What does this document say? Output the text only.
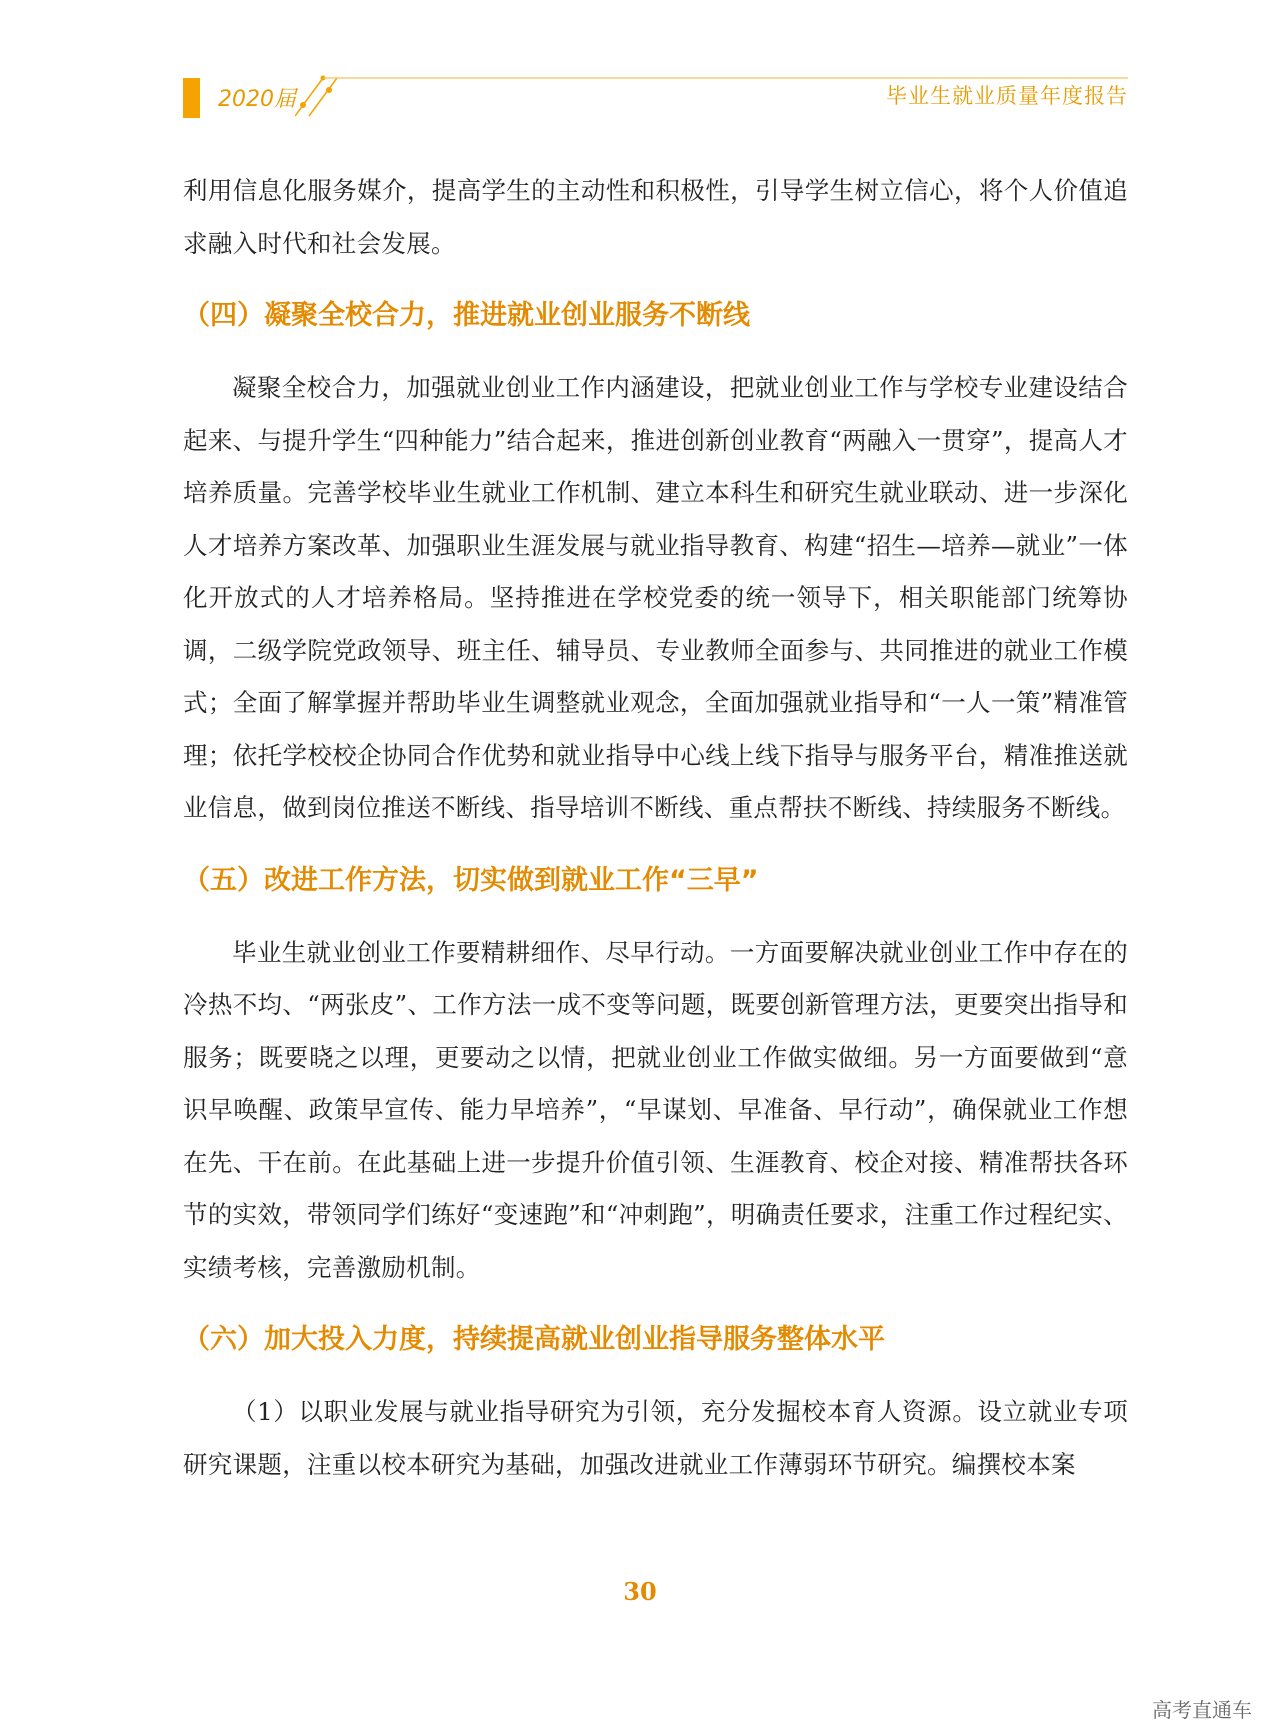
2020届	毕业生就业质量年度报告

利用信息化服务媒介，提高学生的主动性和积极性，引导学生树立信心，将个人价值追求融入时代和社会发展。

（四）凝聚全校合力，推进就业创业服务不断线

凝聚全校合力，加强就业创业工作内涵建设，把就业创业工作与学校专业建设结合起来、与提升学生“四种能力”结合起来，推进创新创业教育“两融入一贯穿”，提高人才培养质量。完善学校毕业生就业工作机制、建立本科生和研究生就业联动、进一步深化人才培养方案改革、加强职业生涯发展与就业指导教育、构建“招生—培养—就业”一体化开放式的人才培养格局。坚持推进在学校党委的统一领导下，相关职能部门统筹协调，二级学院党政领导、班主任、辅导员、专业教师全面参与、共同推进的就业工作模式；全面了解掌握并帮助毕业生调整就业观念，全面加强就业指导和“一人一策”精准管理；依托学校校企协同合作优势和就业指导中心线上线下指导与服务平台，精准推送就业信息，做到岗位推送不断线、指导培训不断线、重点帮扶不断线、持续服务不断线。

（五）改进工作方法，切实做到就业工作“三早”

毕业生就业创业工作要精耕细作、尽早行动。一方面要解决就业创业工作中存在的冷热不均、“两张皮”、工作方法一成不变等问题，既要创新管理方法，更要突出指导和服务；既要晓之以理，更要动之以情，把就业创业工作做实做细。另一方面要做到“意识早唤醒、政策早宣传、能力早培养”，“早谋划、早准备、早行动”，确保就业工作想在先、干在前。在此基础上进一步提升价值引领、生涯教育、校企对接、精准帮扶各环节的实效，带领同学们练好“变速跑”和“冲刺跑”，明确责任要求，注重工作过程纪实、实绩考核，完善激励机制。

（六）加大投入力度，持续提高就业创业指导服务整体水平

（1）以职业发展与就业指导研究为引领，充分发掘校本育人资源。设立就业专项研究课题，注重以校本研究为基础，加强改进就业工作薄弱环节研究。编撰校本案

30
高考直通车
